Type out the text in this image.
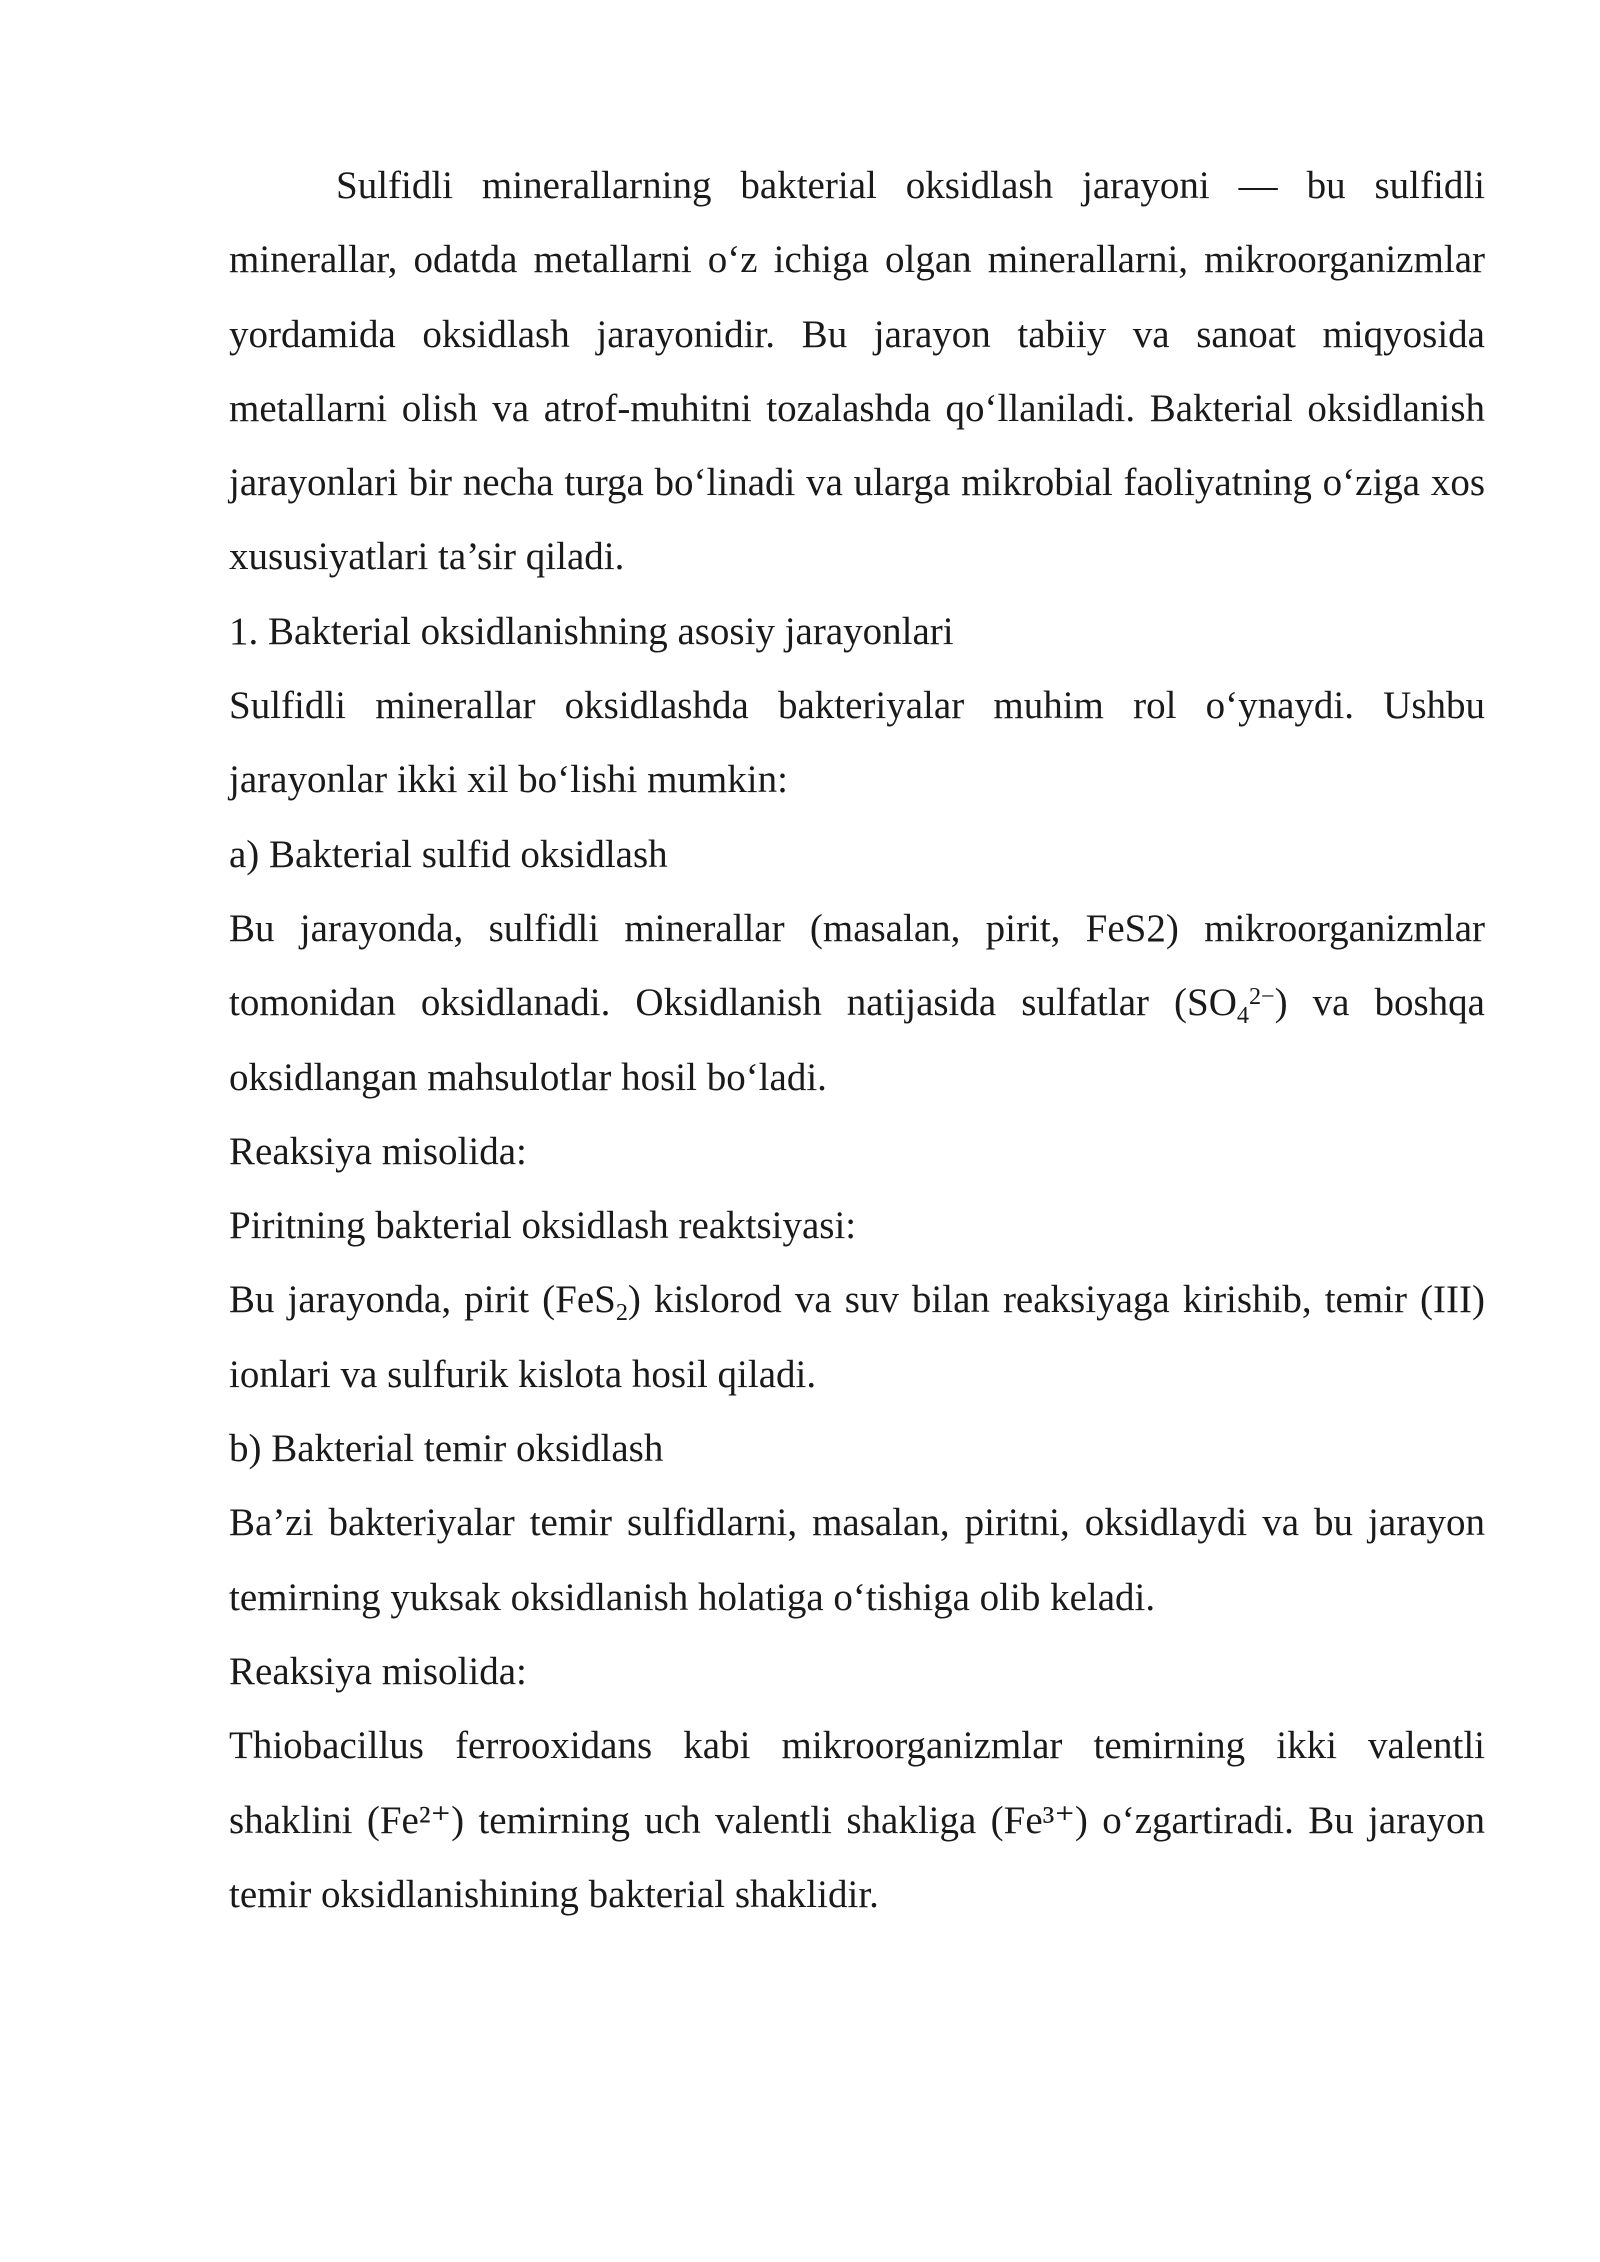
Sulfidli minerallarning bakterial oksidlash jarayoni — bu sulfidli minerallar, odatda metallarni o‘z ichiga olgan minerallarni, mikroorganizmlar yordamida oksidlash jarayonidir. Bu jarayon tabiiy va sanoat miqyosida metallarni olish va atrof-muhitni tozalashda qo‘llaniladi. Bakterial oksidlanish jarayonlari bir necha turga bo‘linadi va ularga mikrobial faoliyatning o‘ziga xos xususiyatlari ta’sir qiladi.

1. Bakterial oksidlanishning asosiy jarayonlari

Sulfidli minerallar oksidlashda bakteriyalar muhim rol o‘ynaydi. Ushbu jarayonlar ikki xil bo‘lishi mumkin:

a) Bakterial sulfid oksidlash

Bu jarayonda, sulfidli minerallar (masalan, pirit, FeS2) mikroorganizmlar tomonidan oksidlanadi. Oksidlanish natijasida sulfatlar $(SO_4^{2-})$ va boshqa oksidlangan mahsulotlar hosil bo‘ladi.

Reaksiya misolida:

Piritning bakterial oksidlash reaktsiyasi:

Bu jarayonda, pirit (FeS$_2$) kislorod va suv bilan reaksiyaga kirishib, temir (III) ionlari va sulfurik kislota hosil qiladi.

b) Bakterial temir oksidlash

Ba’zi bakteriyalar temir sulfidlarni, masalan, piritni, oksidlaydi va bu jarayon temirning yuksak oksidlanish holatiga o‘tishiga olib keladi.

Reaksiya misolida:

Thiobacillus ferrooxidans kabi mikroorganizmlar temirning ikki valentli shaklini (Fe²⁺) temirning uch valentli shakliga (Fe³⁺) o‘zgartiradi. Bu jarayon temir oksidlanishining bakterial shaklidir.
